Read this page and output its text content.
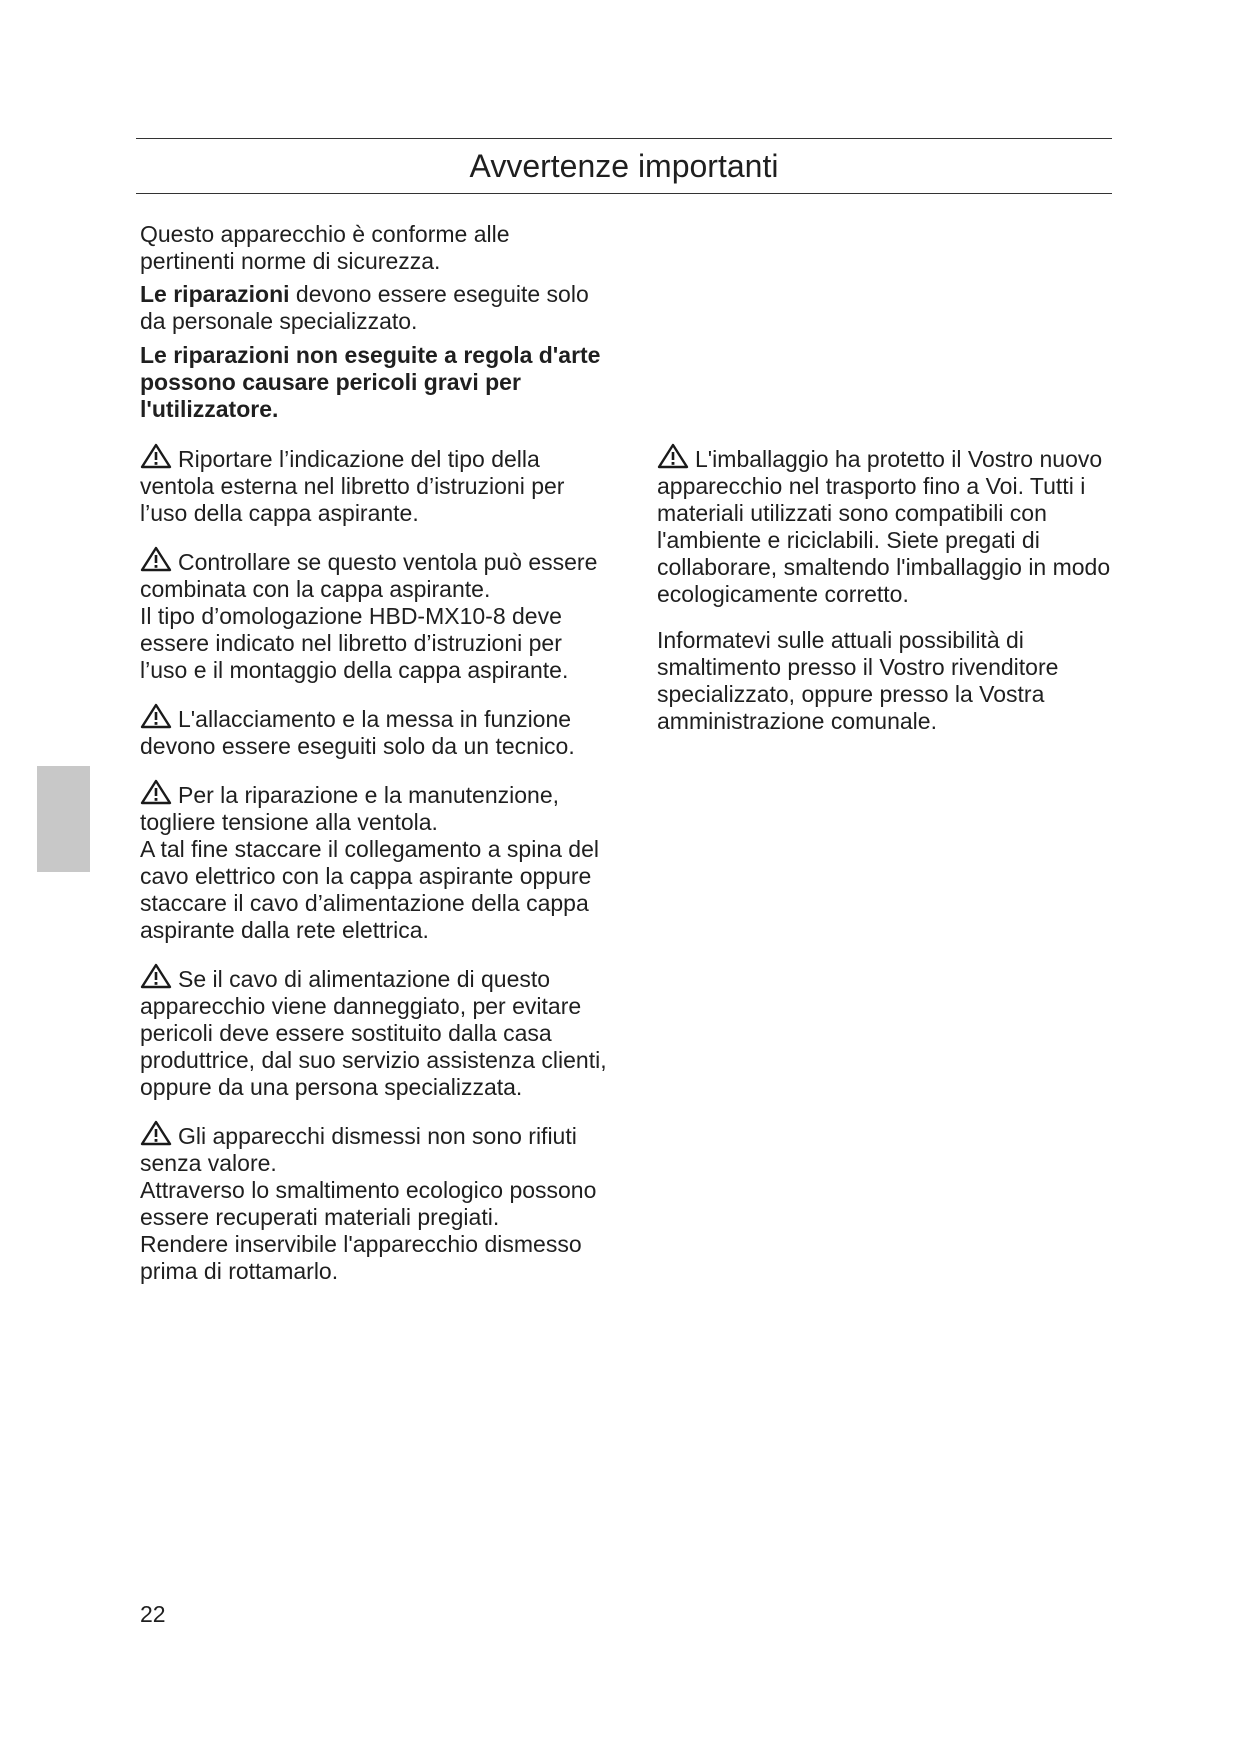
Avvertenze importanti

Questo apparecchio è conforme alle pertinenti norme di sicurezza.

Le riparazioni devono essere eseguite solo da personale specializzato.

Le riparazioni non eseguite a regola d'arte possono causare pericoli gravi per l'utilizzatore.

Riportare l’indicazione del tipo della ventola esterna nel libretto d’istruzioni per l’uso della cappa aspirante.

Controllare se questo ventola può essere combinata con la cappa aspirante.
Il tipo d’omologazione HBD-MX10-8 deve essere indicato nel libretto d’istruzioni per l’uso e il montaggio della cappa aspirante.

L'allacciamento e la messa in funzione devono essere eseguiti solo da un tecnico.

Per la riparazione e la manutenzione, togliere tensione alla ventola.
A tal fine staccare il collegamento a spina del cavo elettrico con la cappa aspirante oppure staccare il cavo d’alimentazione della cappa aspirante dalla rete elettrica.

Se il cavo di alimentazione di questo apparecchio viene danneggiato, per evitare pericoli deve essere sostituito dalla casa produttrice, dal suo servizio assistenza clienti, oppure da una persona specializzata.

Gli apparecchi dismessi non sono rifiuti senza valore.
Attraverso lo smaltimento ecologico possono essere recuperati materiali pregiati.
Rendere inservibile l'apparecchio dismesso prima di rottamarlo.

L'imballaggio ha protetto il Vostro nuovo apparecchio nel trasporto fino a Voi. Tutti i materiali utilizzati sono compatibili con l'ambiente e riciclabili. Siete pregati di collaborare, smaltendo l'imballaggio in modo ecologicamente corretto.

Informatevi sulle attuali possibilità di smaltimento presso il Vostro rivenditore specializzato, oppure presso la Vostra amministrazione comunale.

22
